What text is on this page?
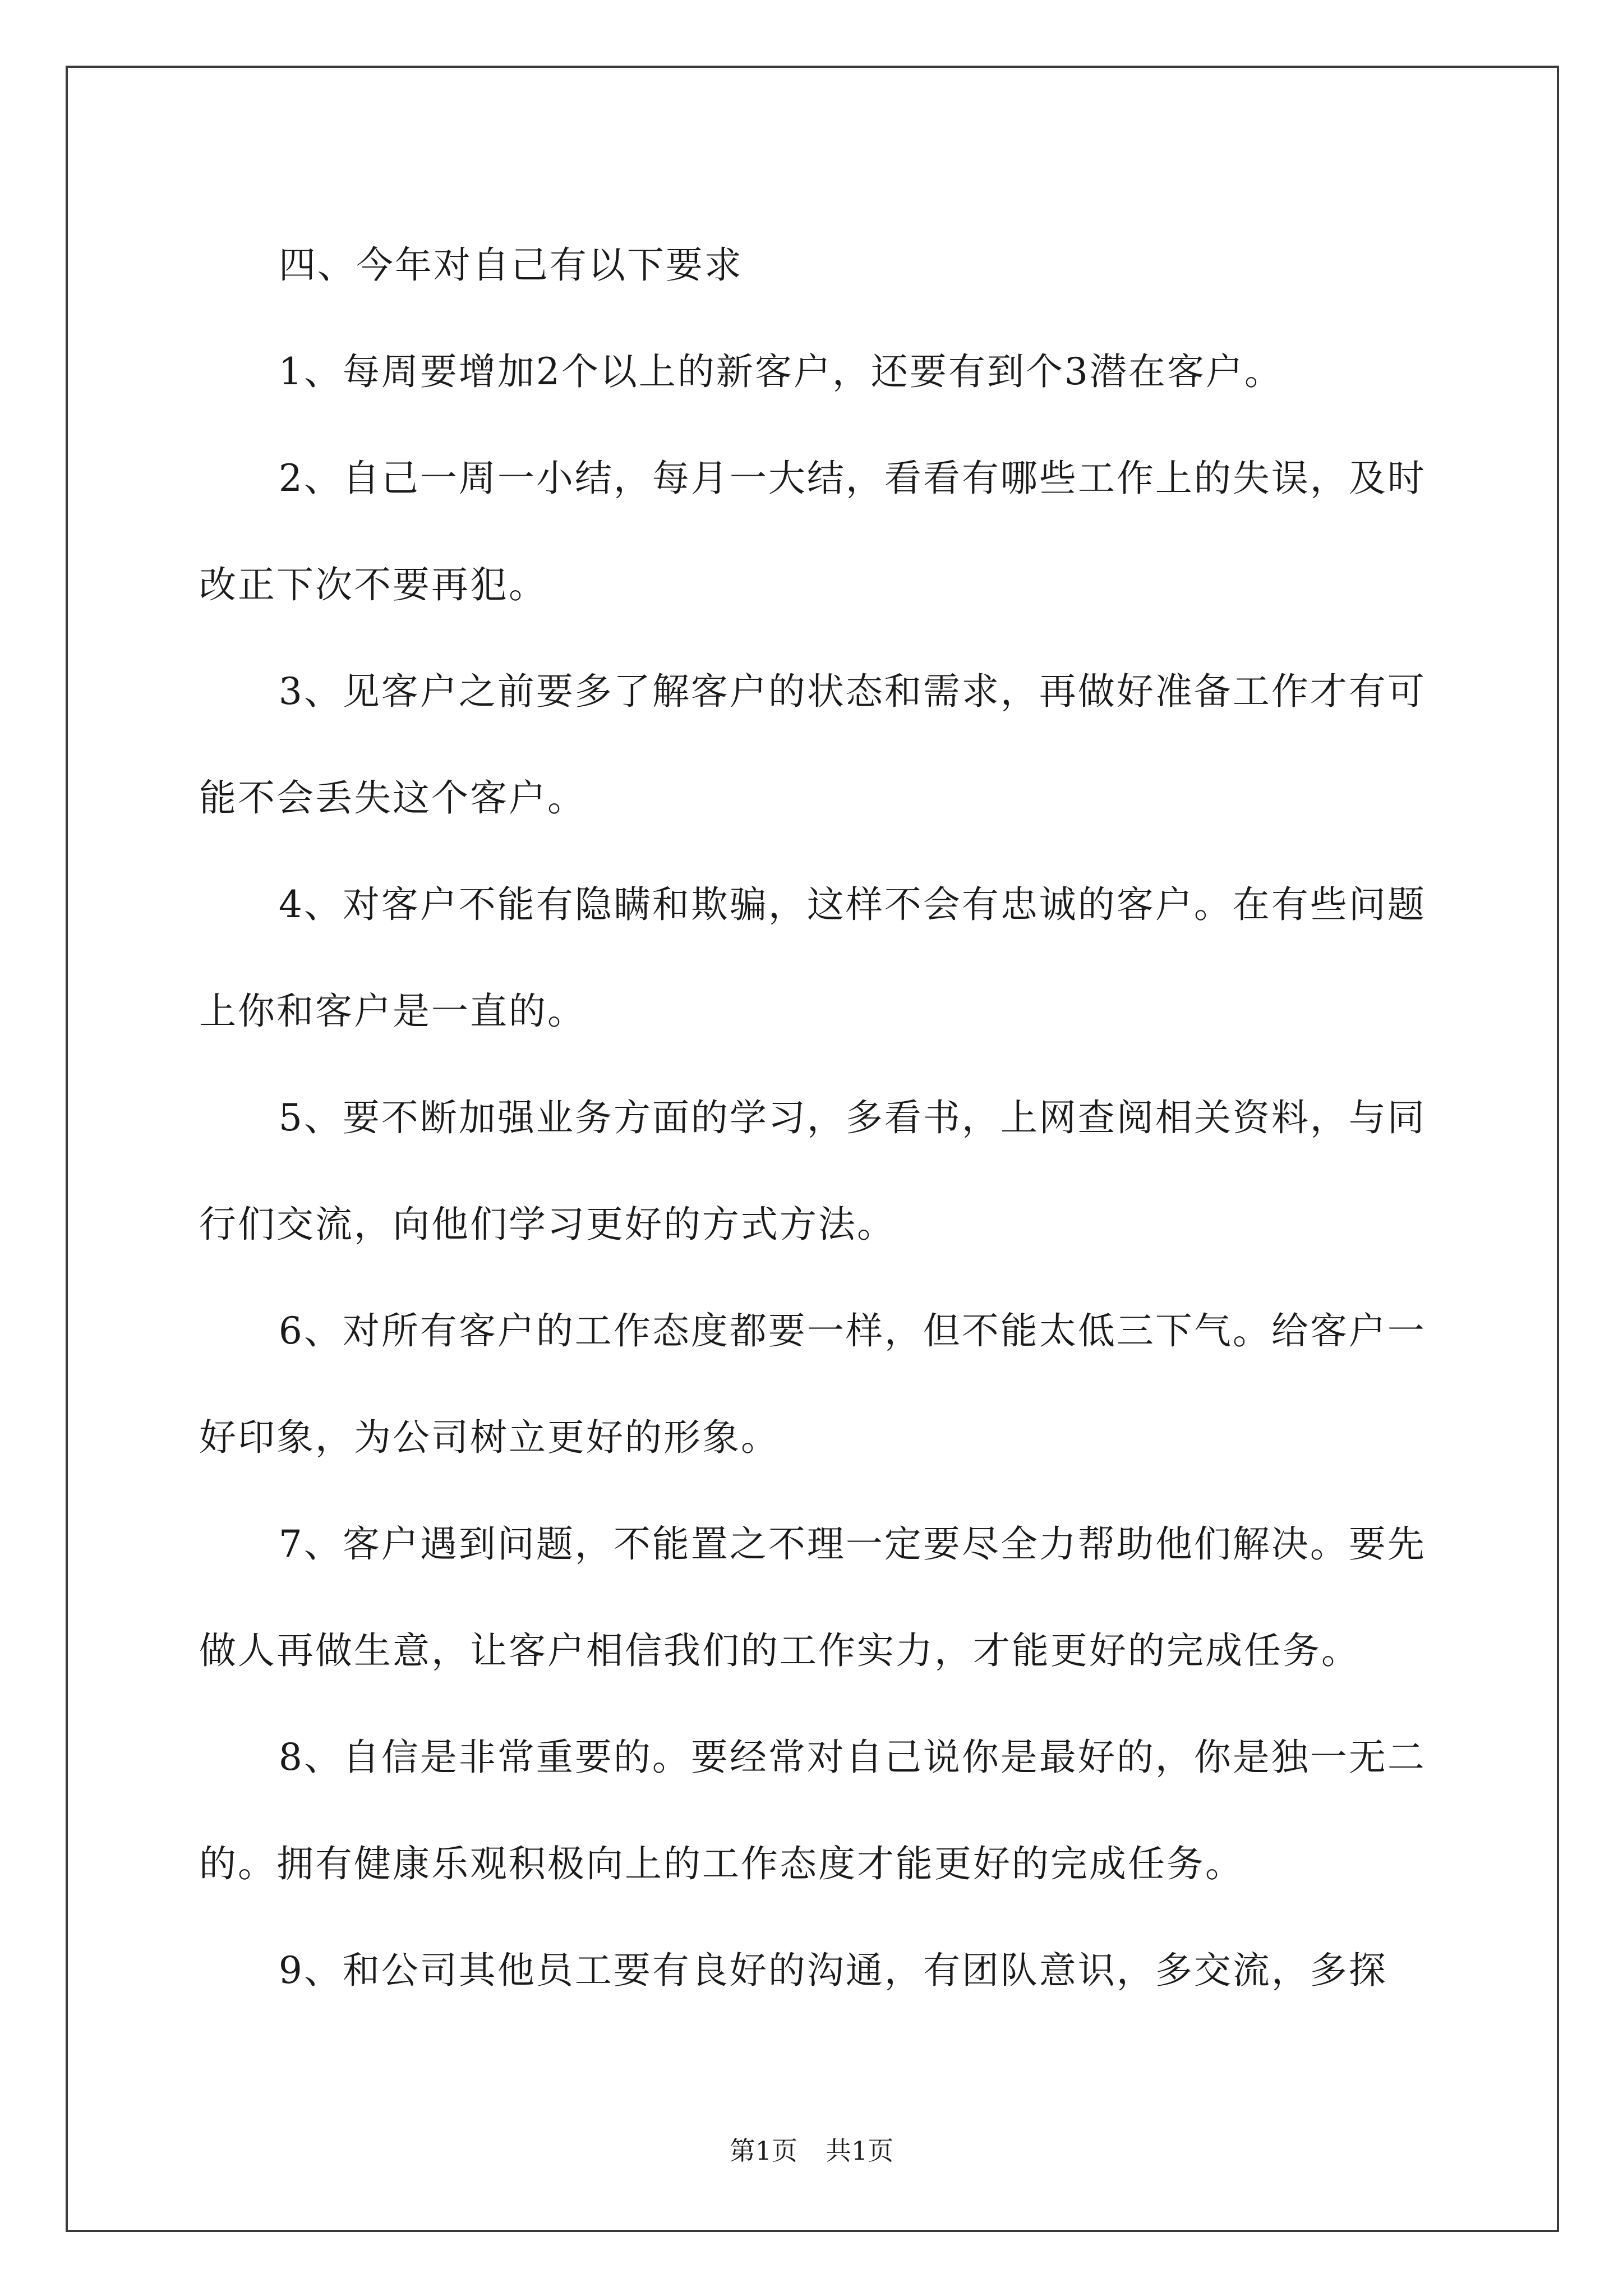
四、今年对自己有以下要求

1、每周要增加2个以上的新客户，还要有到个3潜在客户。

2、自己一周一小结，每月一大结，看看有哪些工作上的失误，及时改正下次不要再犯。

3、见客户之前要多了解客户的状态和需求，再做好准备工作才有可能不会丢失这个客户。

4、对客户不能有隐瞒和欺骗，这样不会有忠诚的客户。在有些问题上你和客户是一直的。

5、要不断加强业务方面的学习，多看书，上网查阅相关资料，与同行们交流，向他们学习更好的方式方法。

6、对所有客户的工作态度都要一样，但不能太低三下气。给客户一好印象，为公司树立更好的形象。

7、客户遇到问题，不能置之不理一定要尽全力帮助他们解决。要先做人再做生意，让客户相信我们的工作实力，才能更好的完成任务。

8、自信是非常重要的。要经常对自己说你是最好的，你是独一无二的。拥有健康乐观积极向上的工作态度才能更好的完成任务。

9、和公司其他员工要有良好的沟通，有团队意识，多交流，多探

第1页 共1页
